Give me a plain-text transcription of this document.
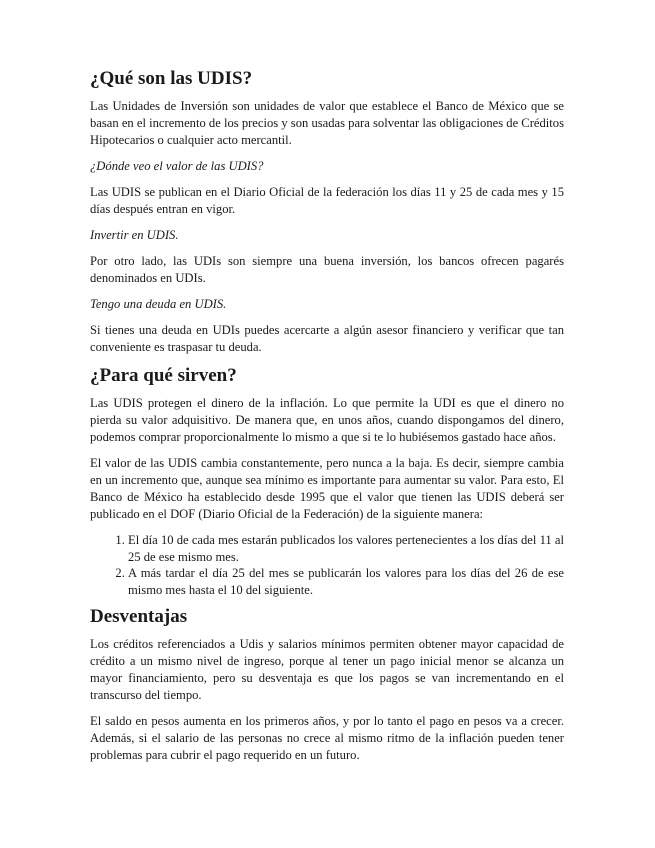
¿Qué son las UDIS?

Las Unidades de Inversión son unidades de valor que establece el Banco de México que se basan en el incremento de los precios y son usadas para solventar las obligaciones de Créditos Hipotecarios o cualquier acto mercantil.

¿Dónde veo el valor de las UDIS?

Las UDIS se publican en el Diario Oficial de la federación los días 11 y 25 de cada mes y 15 días después entran en vigor.

Invertir en UDIS.

Por otro lado, las UDIs son siempre una buena inversión, los bancos ofrecen pagarés denominados en UDIs.

Tengo una deuda en UDIS.

Si tienes una deuda en UDIs puedes acercarte a algún asesor financiero y verificar que tan conveniente es traspasar tu deuda.

¿Para qué sirven?

Las UDIS protegen el dinero de la inflación. Lo que permite la UDI es que el dinero no pierda su valor adquisitivo. De manera que, en unos años, cuando dispongamos del dinero, podemos comprar proporcionalmente lo mismo a que si te lo hubiésemos gastado hace años.

El valor de las UDIS cambia constantemente, pero nunca a la baja. Es decir, siempre cambia en un incremento que, aunque sea mínimo es importante para aumentar su valor. Para esto, El Banco de México ha establecido desde 1995 que el valor que tienen las UDIS deberá ser publicado en el DOF (Diario Oficial de la Federación) de la siguiente manera:

1. El día 10 de cada mes estarán publicados los valores pertenecientes a los días del 11 al 25 de ese mismo mes.
2. A más tardar el día 25 del mes se publicarán los valores para los días del 26 de ese mismo mes hasta el 10 del siguiente.
Desventajas

Los créditos referenciados a Udis y salarios mínimos permiten obtener mayor capacidad de crédito a un mismo nivel de ingreso, porque al tener un pago inicial menor se alcanza un mayor financiamiento, pero su desventaja es que los pagos se van incrementando en el transcurso del tiempo.

El saldo en pesos aumenta en los primeros años, y por lo tanto el pago en pesos va a crecer. Además, si el salario de las personas no crece al mismo ritmo de la inflación pueden tener problemas para cubrir el pago requerido en un futuro.
